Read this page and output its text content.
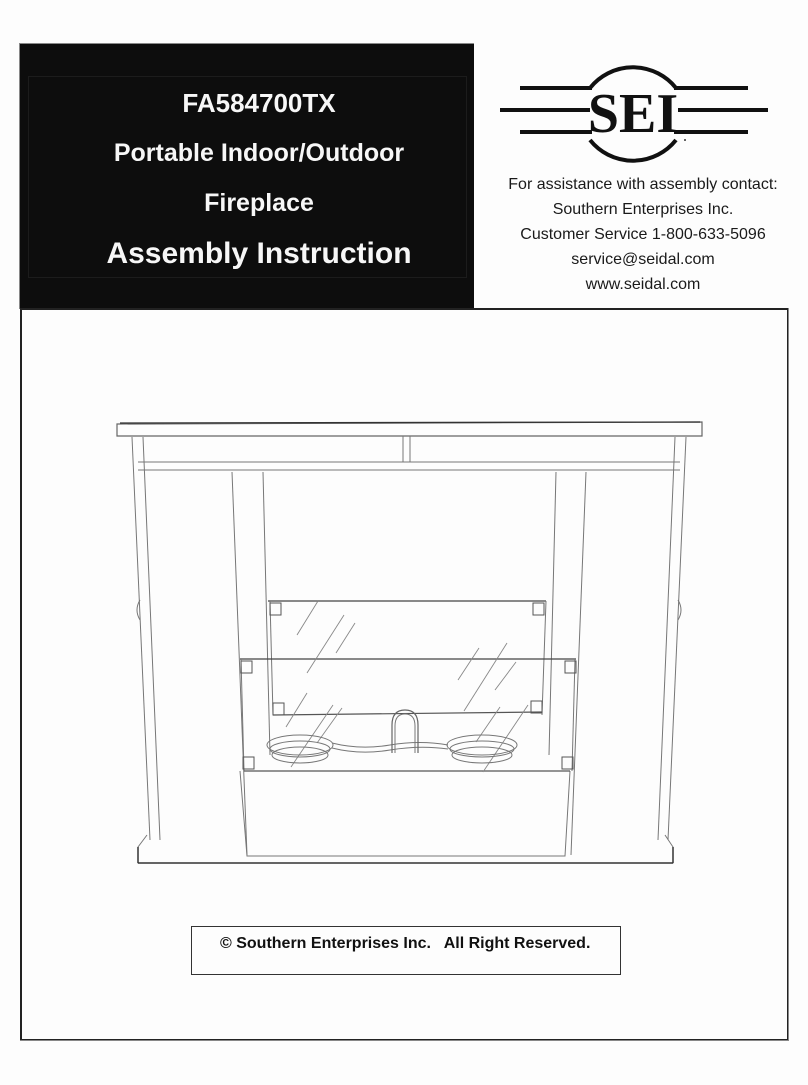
FA584700TX
Portable Indoor/Outdoor
Fireplace
Assembly Instruction
SEI
For assistance with assembly contact:
Southern Enterprises Inc.
Customer Service 1-800-633-5096
service@seidal.com
www.seidal.com
© Southern Enterprises Inc.   All Right Reserved.
